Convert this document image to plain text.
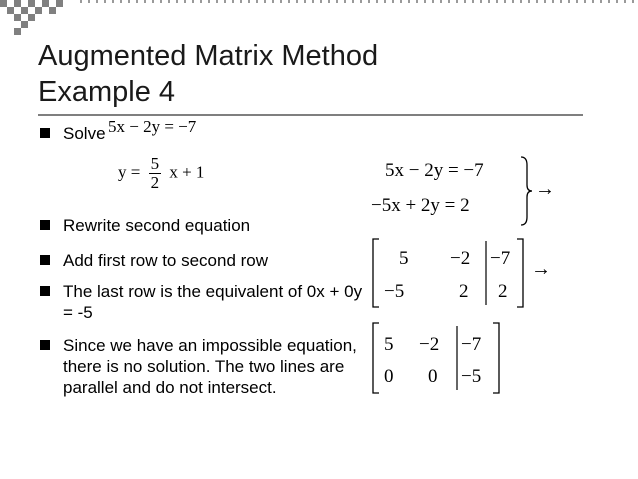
Augmented Matrix Method
Example 4
Solve
Rewrite second equation
Add first row to second row
The last row is the equivalent of 0x + 0y = -5
Since we have an impossible equation, there is no solution. The two lines are parallel and do not intersect.
5x − 2y = −7
$y = \frac{5}{2}$ x + 1	5x − 2y = −7
−5x + 2y = 2
→
5 −2 −7
−5	2 2
→
5 −2 −7
0 0 −5
